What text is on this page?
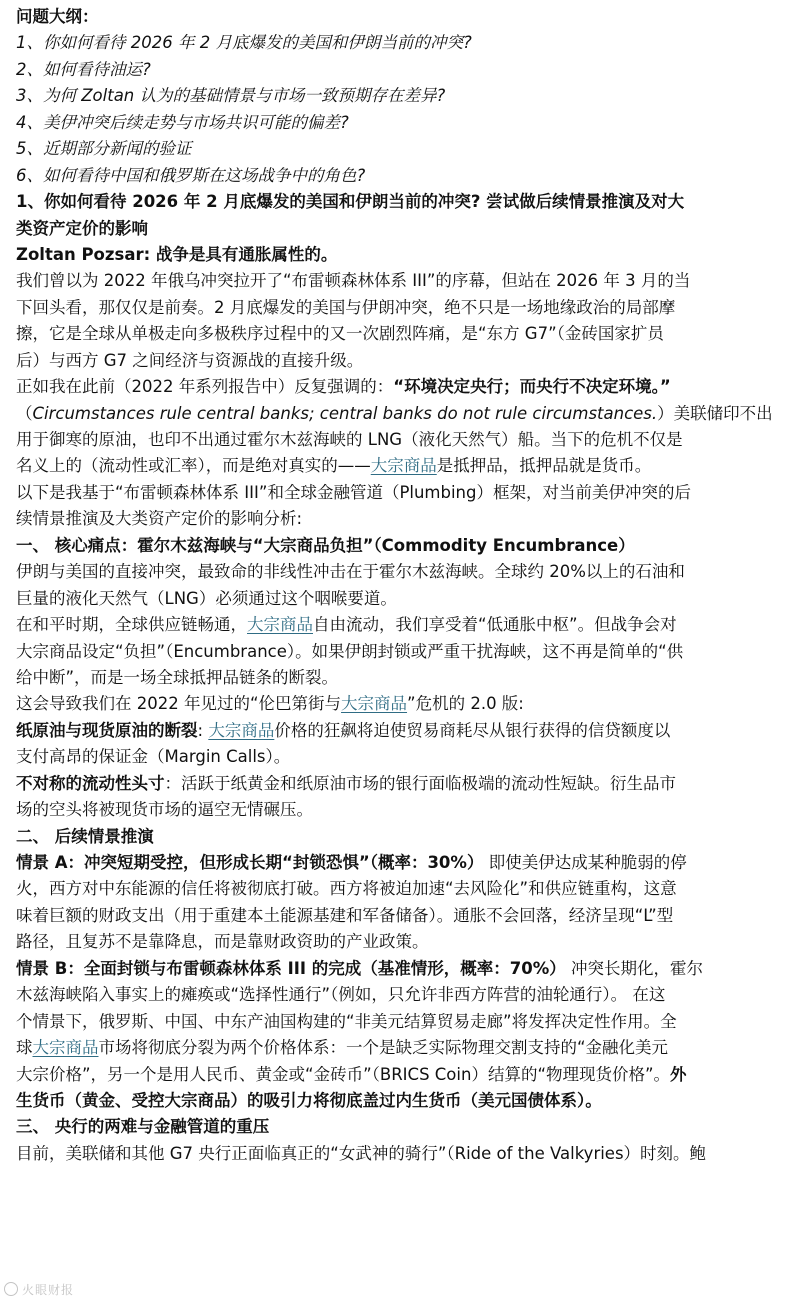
问题大纲：
1、你如何看待 2026 年 2 月底爆发的美国和伊朗当前的冲突?
2、如何看待油运?
3、为何 Zoltan 认为的基础情景与市场一致预期存在差异?
4、美伊冲突后续走势与市场共识可能的偏差?
5、近期部分新闻的验证
6、如何看待中国和俄罗斯在这场战争中的角色?
1、你如何看待 2026 年 2 月底爆发的美国和伊朗当前的冲突? 尝试做后续情景推演及对大
类资产定价的影响
Zoltan Pozsar: 战争是具有通胀属性的。
我们曾以为 2022 年俄乌冲突拉开了“布雷顿森林体系 III”的序幕，但站在 2026 年 3 月的当
下回头看，那仅仅是前奏。2 月底爆发的美国与伊朗冲突，绝不只是一场地缘政治的局部摩
擦，它是全球从单极走向多极秩序过程中的又一次剧烈阵痛，是“东方 G7”（金砖国家扩员
后）与西方 G7 之间经济与资源战的直接升级。
正如我在此前（2022 年系列报告中）反复强调的：“环境决定央行；而央行不决定环境。”
（Circumstances rule central banks; central banks do not rule circumstances.）美联储印不出
用于御寒的原油，也印不出通过霍尔木兹海峡的 LNG（液化天然气）船。当下的危机不仅是
名义上的（流动性或汇率），而是绝对真实的——大宗商品是抵押品，抵押品就是货币。
以下是我基于“布雷顿森林体系 III”和全球金融管道（Plumbing）框架，对当前美伊冲突的后
续情景推演及大类资产定价的影响分析:
一、 核心痛点：霍尔木兹海峡与“大宗商品负担”（Commodity Encumbrance）
伊朗与美国的直接冲突，最致命的非线性冲击在于霍尔木兹海峡。全球约 20%以上的石油和
巨量的液化天然气（LNG）必须通过这个咽喉要道。
在和平时期，全球供应链畅通，大宗商品自由流动，我们享受着“低通胀中枢”。但战争会对
大宗商品设定“负担”（Encumbrance）。如果伊朗封锁或严重干扰海峡，这不再是简单的“供
给中断”，而是一场全球抵押品链条的断裂。
这会导致我们在 2022 年见过的“伦巴第街与大宗商品”危机的 2.0 版:
纸原油与现货原油的断裂: 大宗商品价格的狂飙将迫使贸易商耗尽从银行获得的信贷额度以
支付高昂的保证金（Margin Calls）。
不对称的流动性头寸：活跃于纸黄金和纸原油市场的银行面临极端的流动性短缺。衍生品市
场的空头将被现货市场的逼空无情碾压。
二、 后续情景推演
情景 A：冲突短期受控，但形成长期“封锁恐惧”（概率：30%） 即使美伊达成某种脆弱的停
火，西方对中东能源的信任将被彻底打破。西方将被迫加速“去风险化”和供应链重构，这意
味着巨额的财政支出（用于重建本土能源基建和军备储备）。通胀不会回落，经济呈现“L”型
路径，且复苏不是靠降息，而是靠财政资助的产业政策。
情景 B：全面封锁与布雷顿森林体系 III 的完成（基准情形，概率：70%） 冲突长期化，霍尔
木兹海峡陷入事实上的瘫痪或“选择性通行”（例如，只允许非西方阵营的油轮通行）。 在这
个情景下，俄罗斯、中国、中东产油国构建的“非美元结算贸易走廊”将发挥决定性作用。全
球大宗商品市场将彻底分裂为两个价格体系：一个是缺乏实际物理交割支持的“金融化美元
大宗价格”，另一个是用人民币、黄金或“金砖币”（BRICS Coin）结算的“物理现货价格”。外
生货币（黄金、受控大宗商品）的吸引力将彻底盖过内生货币（美元国债体系）。
三、 央行的两难与金融管道的重压
目前，美联储和其他 G7 央行正面临真正的“女武神的骑行”（Ride of the Valkyries）时刻。鲍
火眼财报
